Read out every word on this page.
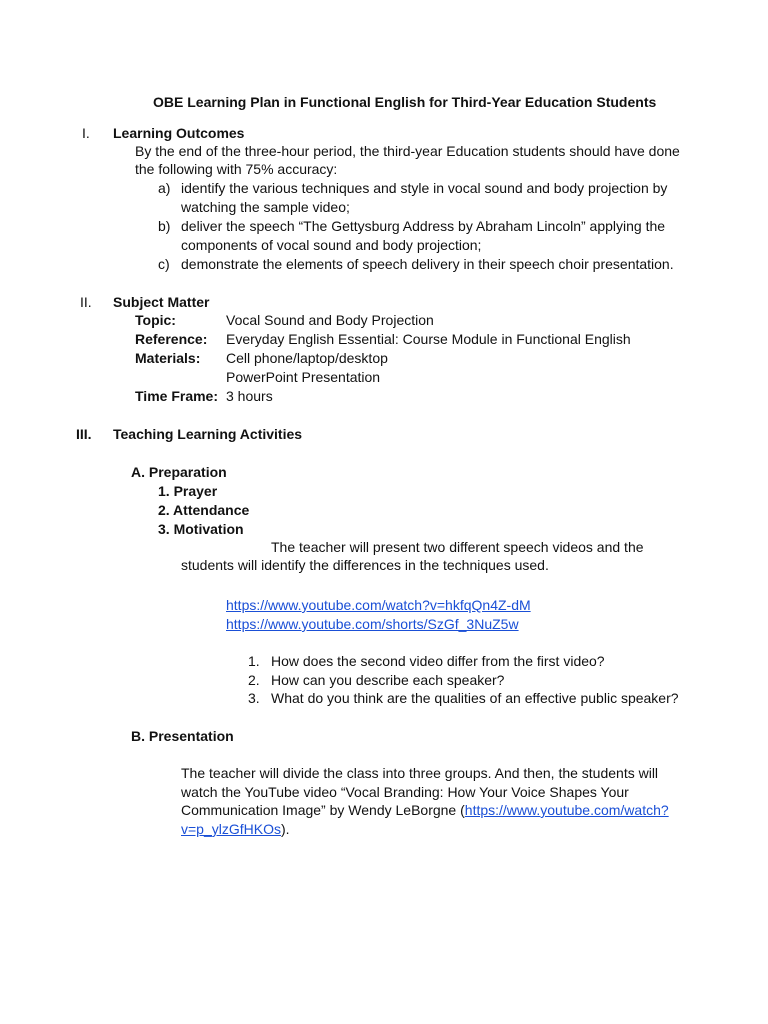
OBE Learning Plan in Functional English for Third-Year Education Students
I. Learning Outcomes
By the end of the three-hour period, the third-year Education students should have done
the following with 75% accuracy:
a) identify the various techniques and style in vocal sound and body projection by
watching the sample video;
b) deliver the speech “The Gettysburg Address by Abraham Lincoln” applying the
components of vocal sound and body projection;
c) demonstrate the elements of speech delivery in their speech choir presentation.
II. Subject Matter
Topic:	Vocal Sound and Body Projection
Reference: Everyday English Essential: Course Module in Functional English
Materials: Cell phone/laptop/desktop
PowerPoint Presentation
Time Frame: 3 hours
III. Teaching Learning Activities
A. Preparation
1. Prayer
2. Attendance
3. Motivation
The teacher will present two different speech videos and the
students will identify the differences in the techniques used.
https://www.youtube.com/watch?v=hkfqQn4Z-dM
https://www.youtube.com/shorts/SzGf_3NuZ5w
1. How does the second video differ from the first video?
2. How can you describe each speaker?
3. What do you think are the qualities of an effective public speaker?
B. Presentation
The teacher will divide the class into three groups. And then, the students will
watch the YouTube video “Vocal Branding: How Your Voice Shapes Your
Communication Image” by Wendy LeBorgne (https://www.youtube.com/watch?
v=p_ylzGfHKOs).
